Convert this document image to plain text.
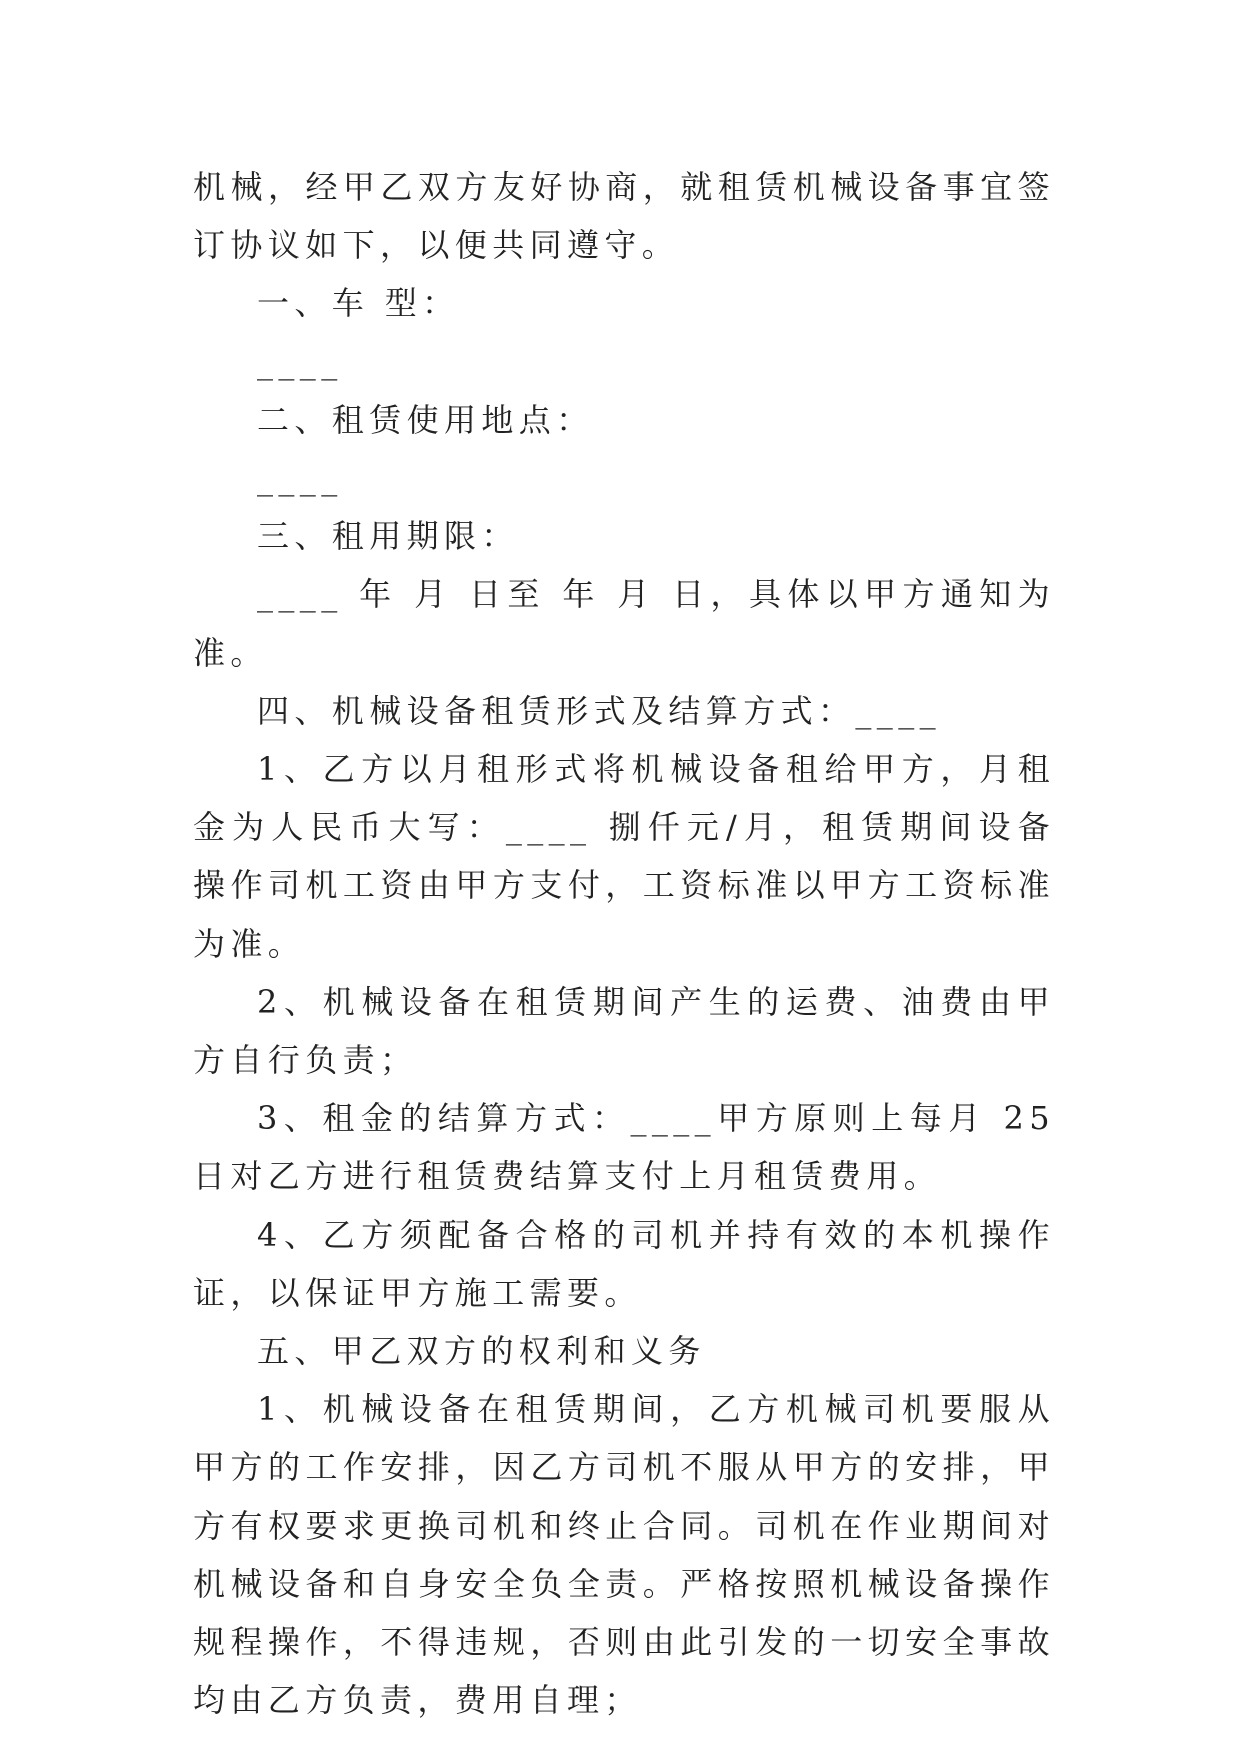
机械，经甲乙双方友好协商，就租赁机械设备事宜签订协议如下，以便共同遵守。

一、车 型：

____

二、租赁使用地点：

____

三、租用期限：

____ 年 月 日至 年 月 日，具体以甲方通知为准。

四、机械设备租赁形式及结算方式：____

1、乙方以月租形式将机械设备租给甲方，月租金为人民币大写：____ 捌仟元/月，租赁期间设备操作司机工资由甲方支付，工资标准以甲方工资标准为准。

2、机械设备在租赁期间产生的运费、油费由甲方自行负责；

3、租金的结算方式：____甲方原则上每月 25 日对乙方进行租赁费结算支付上月租赁费用。

4、乙方须配备合格的司机并持有效的本机操作证，以保证甲方施工需要。

五、甲乙双方的权利和义务

1、机械设备在租赁期间，乙方机械司机要服从甲方的工作安排，因乙方司机不服从甲方的安排，甲方有权要求更换司机和终止合同。司机在作业期间对机械设备和自身安全负全责。严格按照机械设备操作规程操作，不得违规，否则由此引发的一切安全事故均由乙方负责，费用自理；
